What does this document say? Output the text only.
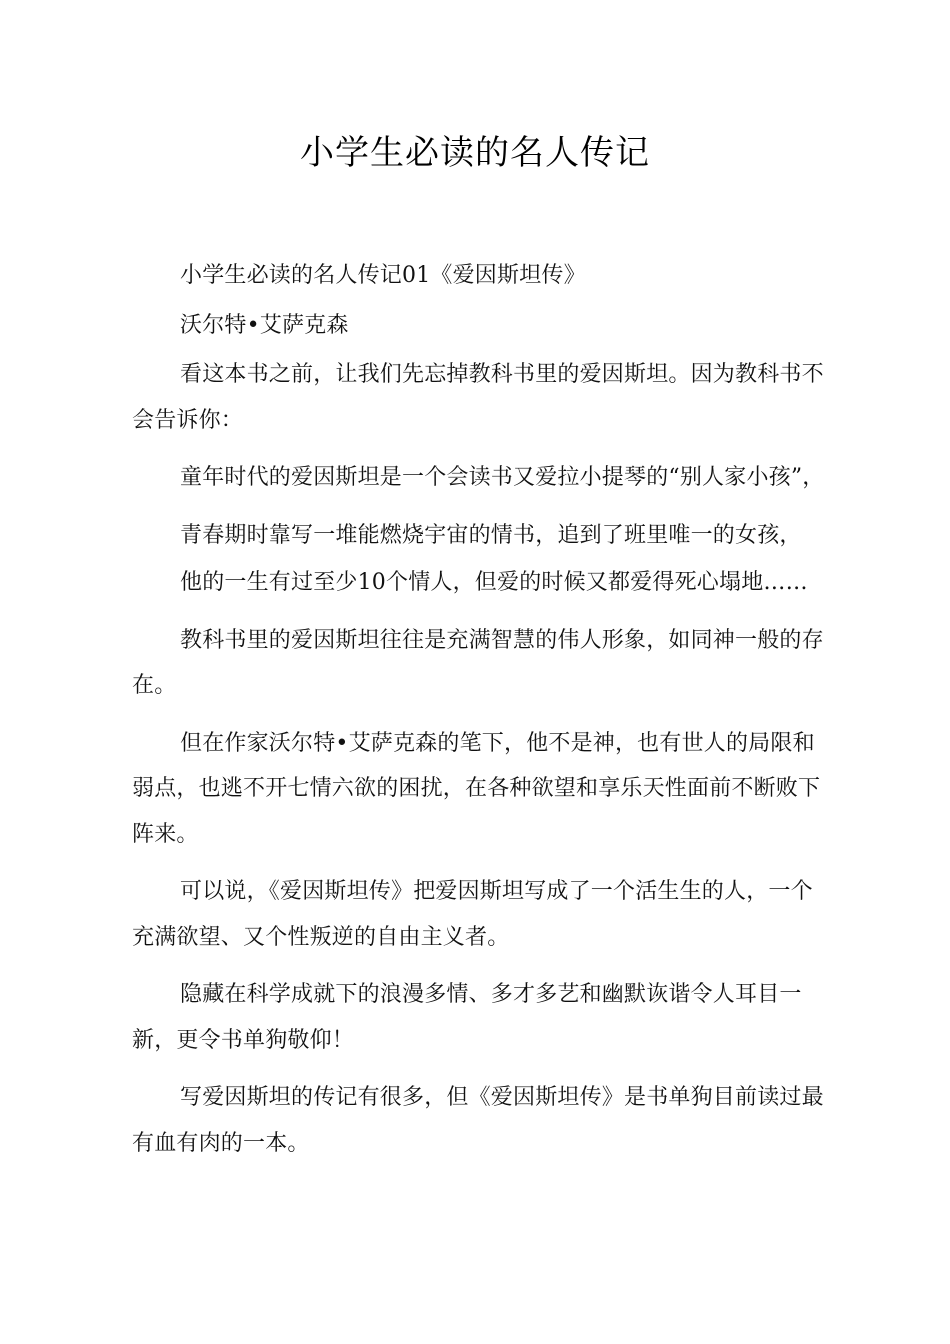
小学生必读的名人传记

小学生必读的名人传记01《爱因斯坦传》

沃尔特•艾萨克森

看这本书之前，让我们先忘掉教科书里的爱因斯坦。因为教科书不会告诉你：

童年时代的爱因斯坦是一个会读书又爱拉小提琴的“别人家小孩”，

青春期时靠写一堆能燃烧宇宙的情书，追到了班里唯一的女孩，

他的一生有过至少10个情人，但爱的时候又都爱得死心塌地……

教科书里的爱因斯坦往往是充满智慧的伟人形象，如同神一般的存在。

但在作家沃尔特•艾萨克森的笔下，他不是神，也有世人的局限和弱点，也逃不开七情六欲的困扰，在各种欲望和享乐天性面前不断败下阵来。

可以说，《爱因斯坦传》把爱因斯坦写成了一个活生生的人，一个充满欲望、又个性叛逆的自由主义者。

隐藏在科学成就下的浪漫多情、多才多艺和幽默诙谐令人耳目一新，更令书单狗敬仰！

写爱因斯坦的传记有很多，但《爱因斯坦传》是书单狗目前读过最有血有肉的一本。
